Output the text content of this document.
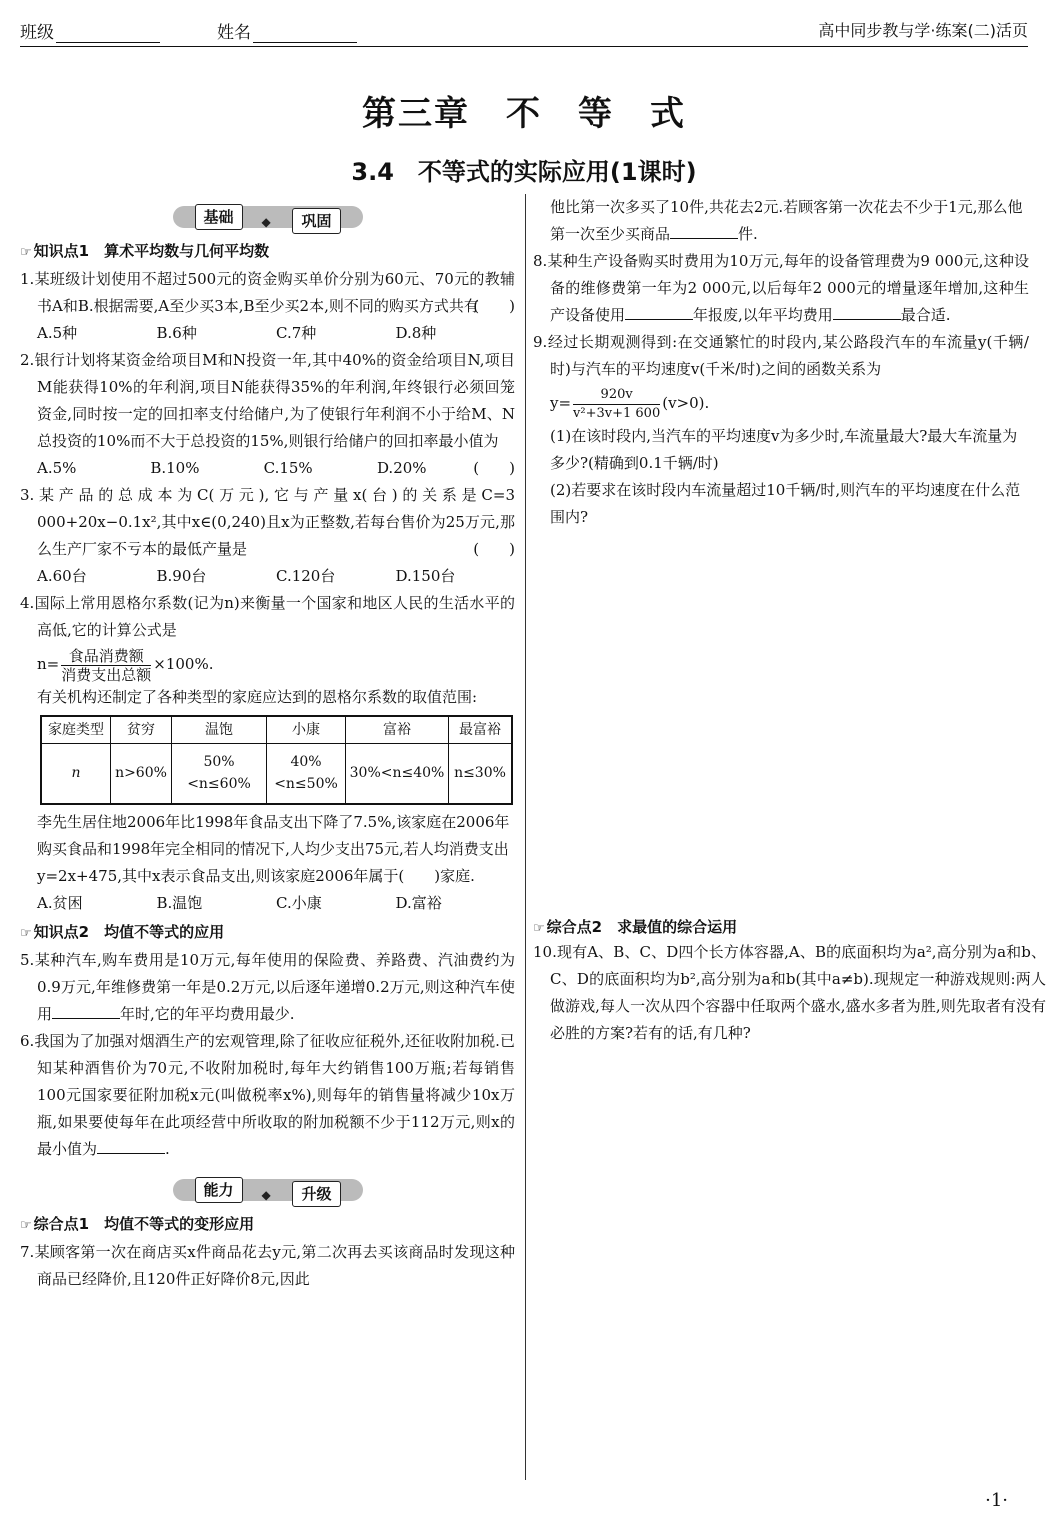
班级	姓名	高中同步教与学·练案(二)活页
第三章　不　等　式
3.4　不等式的实际应用(1课时)
基础	◆	巩固
☞ 知识点1　算术平均数与几何平均数
1.某班级计划使用不超过500元的资金购买单价分别为60元、70元的教辅书A和B.根据需要,A至少买3本,B至少买2本,则不同的购买方式共有
(　　)
A.5种	B.6种	C.7种	D.8种
2.银行计划将某资金给项目M和N投资一年,其中40%的资金给项目N,项目M能获得10%的年利润,项目N能获得35%的年利润,年终银行必须回笼资金,同时按一定的回扣率支付给储户,为了使银行年利润不小于给M、N总投资的10%而不大于总投资的15%,则银行给储户的回扣率最小值为
(　　)
A.5%	B.10%	C.15%	D.20%
3.某产品的总成本为C(万元),它与产量x(台)的关系是C=3 000+20x−0.1x²,其中x∈(0,240)且x为正整数,若每台售价为25万元,那么生产厂家不亏本的最低产量是	(　　)
A.60台	B.90台	C.120台	D.150台
4.国际上常用恩格尔系数(记为n)来衡量一个国家和地区人民的生活水平的高低,它的计算公式是
$n= \frac{\text{食品消费额}}{\text{消费支出总额}} \times 100\%$.
有关机构还制定了各种类型的家庭应达到的恩格尔系数的取值范围:
家庭类型	贫穷	温饱	小康	富裕	最富裕
n	n>60%	50%<n≤60%	40%<n≤50%	30%<n≤40%	n≤30%
李先生居住地2006年比1998年食品支出下降了7.5%,该家庭在2006年购买食品和1998年完全相同的情况下,人均少支出75元,若人均消费支出y=2x+475,其中x表示食品支出,则该家庭2006年属于(　　)家庭.
A.贫困	B.温饱	C.小康	D.富裕
☞ 知识点2　均值不等式的应用
5.某种汽车,购车费用是10万元,每年使用的保险费、养路费、汽油费约为0.9万元,年维修费第一年是0.2万元,以后逐年递增0.2万元,则这种汽车使用	年时,它的年平均费用最少.
6.我国为了加强对烟酒生产的宏观管理,除了征收应征税外,还征收附加税.已知某种酒售价为70元,不收附加税时,每年大约销售100万瓶;若每销售100元国家要征附加税x元(叫做税率x%),则每年的销售量将减少10x万瓶,如果要使每年在此项经营中所收取的附加税额不少于112万元,则x的最小值为	.
能力	◆	升级
☞ 综合点1　均值不等式的变形应用
7.某顾客第一次在商店买x件商品花去y元,第二次再去买该商品时发现这种商品已经降价,且120件正好降价8元,因此
他比第一次多买了10件,共花去2元.若顾客第一次花去不少于1元,那么他第一次至少买商品	件.
8.某种生产设备购买时费用为10万元,每年的设备管理费为9 000元,这种设备的维修费第一年为2 000元,以后每年2 000元的增量逐年增加,这种生产设备使用	年报废,以年平均费用	最合适.
9.经过长期观测得到:在交通繁忙的时段内,某公路段汽车的车流量y(千辆/时)与汽车的平均速度v(千米/时)之间的函数关系为
$y= \frac{920v}{\text{v²+3v+1 600}} (v>0)$.
(1)在该时段内,当汽车的平均速度v为多少时,车流量最大?最大车流量为多少?(精确到0.1千辆/时)
(2)若要求在该时段内车流量超过10千辆/时,则汽车的平均速度在什么范围内?
☞ 综合点2　求最值的综合运用
10.现有A、B、C、D四个长方体容器,A、B的底面积均为a²,高分别为a和b、C、D的底面积均为b²,高分别为a和b(其中a≠b).现规定一种游戏规则:两人做游戏,每人一次从四个容器中任取两个盛水,盛水多者为胜,则先取者有没有必胜的方案?若有的话,有几种?
·1·
